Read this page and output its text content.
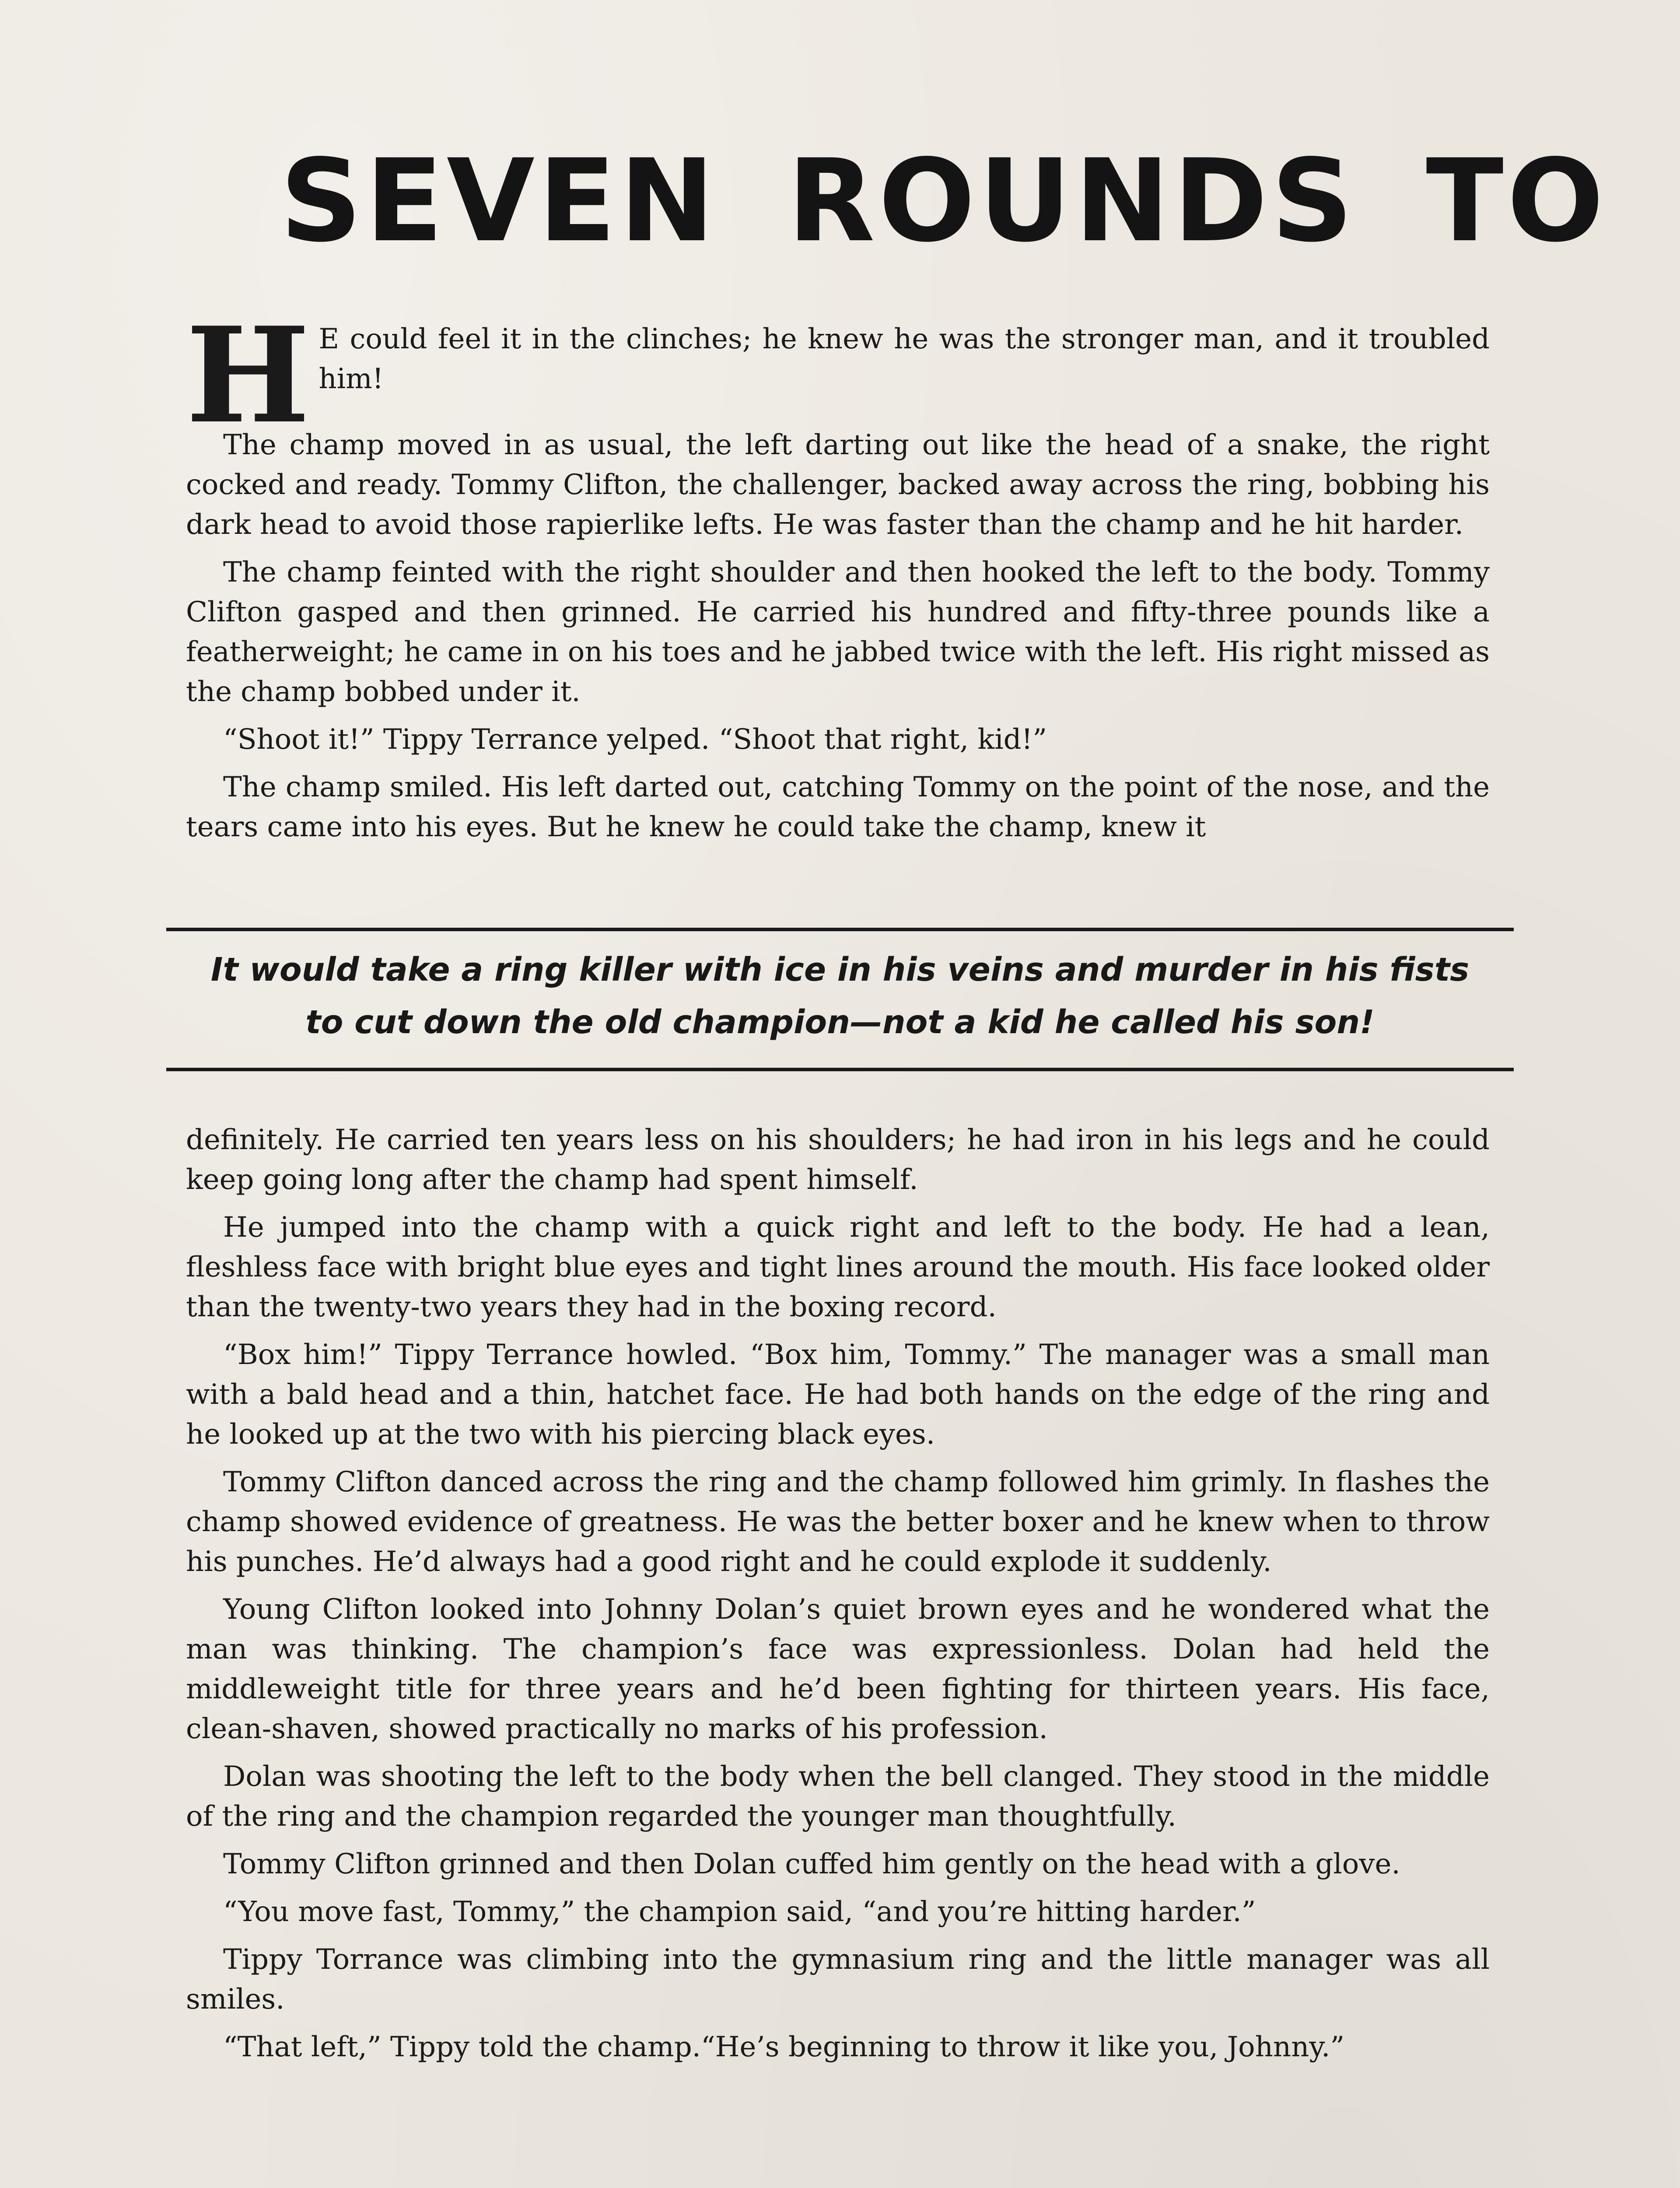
SEVEN ROUNDS TO

H E could feel it in the clinches; he knew he was the stronger man, and it troubled him!

The champ moved in as usual, the left darting out like the head of a snake, the right cocked and ready. Tommy Clifton, the challenger, backed away across the ring, bobbing his dark head to avoid those rapierlike lefts. He was faster than the champ and he hit harder.

The champ feinted with the right shoulder and then hooked the left to the body. Tommy Clifton gasped and then grinned. He carried his hundred and fifty-three pounds like a featherweight; he came in on his toes and he jabbed twice with the left. His right missed as the champ bobbed under it.

“Shoot it!” Tippy Terrance yelped. “Shoot that right, kid!”

The champ smiled. His left darted out, catching Tommy on the point of the nose, and the tears came into his eyes. But he knew he could take the champ, knew it

It would take a ring killer with ice in his veins and murder in his fists

to cut down the old champion—not a kid he called his son!

definitely. He carried ten years less on his shoulders; he had iron in his legs and he could keep going long after the champ had spent himself.

He jumped into the champ with a quick right and left to the body. He had a lean, fleshless face with bright blue eyes and tight lines around the mouth. His face looked older than the twenty-two years they had in the boxing record.

“Box him!” Tippy Terrance howled. “Box him, Tommy.” The manager was a small man with a bald head and a thin, hatchet face. He had both hands on the edge of the ring and he looked up at the two with his piercing black eyes.

Tommy Clifton danced across the ring and the champ followed him grimly. In flashes the champ showed evidence of greatness. He was the better boxer and he knew when to throw his punches. He’d always had a good right and he could explode it suddenly.

Young Clifton looked into Johnny Dolan’s quiet brown eyes and he wondered what the man was thinking. The champion’s face was expressionless. Dolan had held the middleweight title for three years and he’d been fighting for thirteen years. His face, clean-shaven, showed practically no marks of his profession.

Dolan was shooting the left to the body when the bell clanged. They stood in the middle of the ring and the champion regarded the younger man thoughtfully.

Tommy Clifton grinned and then Dolan cuffed him gently on the head with a glove.

“You move fast, Tommy,” the champion said, “and you’re hitting harder.”

Tippy Torrance was climbing into the gymnasium ring and the little manager was all smiles.

“That left,” Tippy told the champ.“He’s beginning to throw it like you, Johnny.”
